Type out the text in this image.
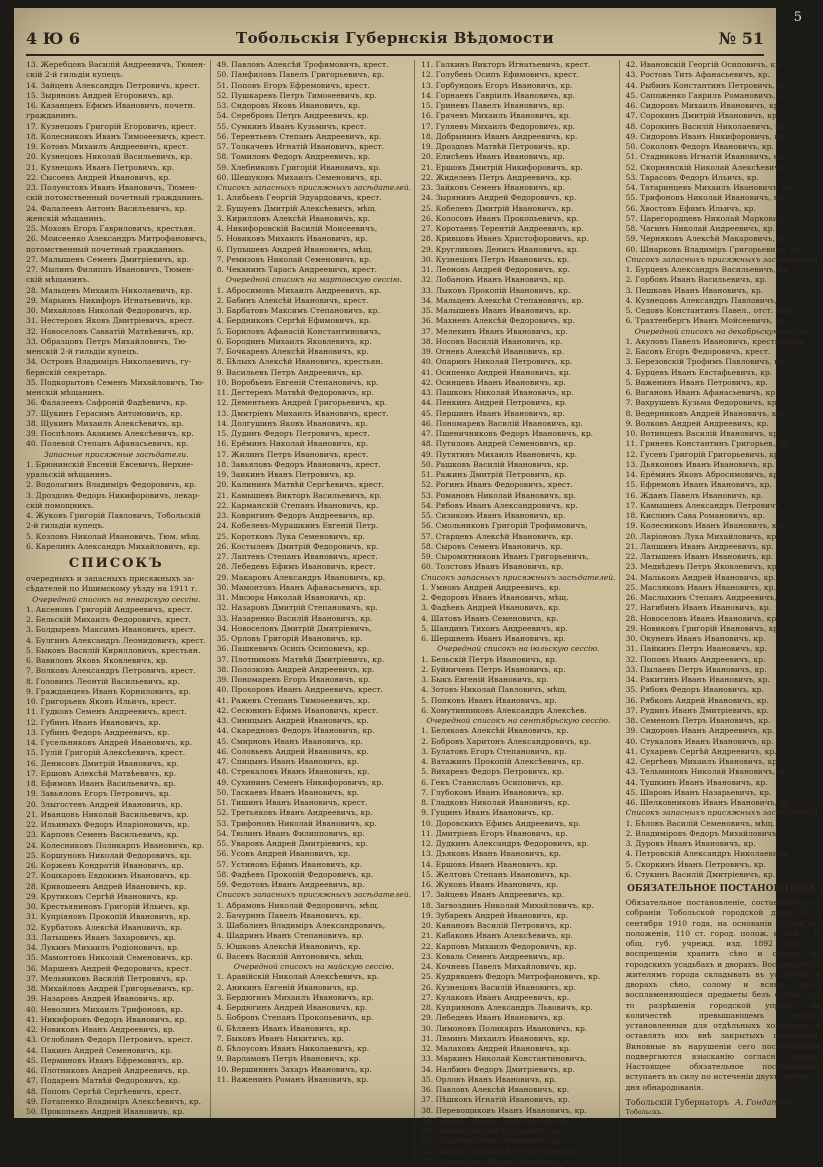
4 Ю 6	Тобольскія Губернскія Вѣдомости	№ 51
13. Жеребцовъ Василій Андреевичъ, Тюмен-
скій 2-й гильдіи купецъ.
14. Зайцевъ Александръ Петровичъ, крест.
15. Зыряновъ Андрей Егоровичъ, кр.
16. Казанцевъ Ефимъ Ивановичъ, почетн.
гражданинъ.
17. Кузнецовъ Григорій Егоровичъ, крест.
18. Колесниковъ Иванъ Тимоѳеевичъ, крест.
19. Котовъ Михаилъ Андреевичъ, крест.
20. Кузнецовъ Николай Васильевичъ, кр.
21. Кузнецовъ Иванъ Петровичъ, кр.
22. Сысоевъ Андрей Ивановичъ, кр.
23. Полуектовъ Иванъ Ивановичъ, Тюмен-
скій потомственный почетный гражданинъ.
24. Фалалеевъ Антонъ Васильевичъ, кр.
женскій мѣщанинъ.
25. Моховъ Егоръ Гавриловичъ, крестьян.
26. Моисеенко Александръ Митрофановичъ,
потомственный почетный гражданинъ.
27. Малышевъ Семенъ Дмитріевичъ, кр.
27. Мылинъ Филиппъ Ивановичъ, Тюмен-
скій мѣщанинъ.
28. Мальцевъ Михаилъ Николаевичъ, кр.
29. Марьинъ Никифоръ Игнатьевичъ, кр.
30. Михайловъ Николай Федоровичъ, кр.
31. Нестеровъ Яковъ Дмитріевичъ, крест.
32. Новоселовъ Савватій Матвѣевичъ, кр.
33. Образцовъ Петръ Михайловичъ, Тю-
менскій 2-й гильдіи купецъ.
34. Островъ Владиміръ Николаевичъ, гу-
бернскій секретарь.
35. Подкорытовъ Семенъ Михайловичъ, Тю-
менскій мѣщанинъ.
36. Фалалеевъ Сафроній Фадѣевичъ, кр.
37. Щукинъ Герасимъ Антоновичъ, кр.
38. Щукинъ Михаилъ Алексѣевичъ, кр.
39. Поспѣловъ Акакимъ Алексѣевичъ, кр.
40. Полевой Степанъ Афанасьевичъ, кр.
Запасные присяжные засѣдатели.
1. Брюнинскій Евсевій Евсевичъ, Верхне-
уральскій мѣщанинъ.
2. Водолагинъ Владиміръ Федоровичъ, кр.
3. Дроздовъ Федоръ Никифоровичъ, лекар-
скій помощникъ.
4. Жуковъ Григорій Павловичъ, Тобольскій
2-й гильдіи купецъ.
5. Козловъ Николай Ивановичъ, Тюм. мѣщ.
6. Карелинъ Александръ Михайловичъ, кр.
СПИСОКЪ
очередныхъ и запасныхъ присяжныхъ за-
сѣдателей по Ишимскому уѣзду на 1911 г.
Очередной списокъ на январскую сессію.
1. Аксеновъ Григорій Андреевичъ, крест.
2. Бельскій Михаилъ Федоровичъ, крест.
3. Болдыревъ Максимъ Ивановичъ, крест.
4. Булгинъ Александръ Леонидовичъ, крест.
5. Быковъ Василій Кирилловичъ, крестьян.
6. Вавиловъ Яковъ Яковлевичъ, кр.
7. Волковъ Александръ Петровичъ, крест.
8. Головинъ Леонтій Васильевичъ, кр.
9. Гражданцевъ Иванъ Корниловичъ, кр.
10. Григорьевъ Яковъ Ильичъ, крест.
11. Гудковъ Семенъ Андреевичъ, крест.
12. Губинъ Иванъ Ивановичъ, кр.
13. Губинъ Федоръ Андреевичъ, кр.
14. Гусельниковъ Андрей Ивановичъ, кр.
15. Гулій Григорій Алексѣевичъ, крест.
16. Денисовъ Дмитрій Ивановичъ, кр.
17. Ершовъ Алексѣй Матвѣевичъ, кр.
18. Ефимовъ Иванъ Васильевичъ, кр.
19. Завьяловъ Егоръ Петровичъ, кр.
20. Злыгостевъ Андрей Ивановичъ, кр.
21. Иванцовъ Николай Васильевичъ, кр.
22. Ильиныхъ Федоръ Иларіоновичъ, кр.
23. Карповъ Семенъ Васильевичъ, кр.
24. Колесниковъ Поликарпъ Ивановичъ, кр.
25. Коршуновъ Николай Федоровичъ, кр.
26. Коржевъ Кондратій Ивановичъ, кр.
27. Кошкаровъ Евдокимъ Ивановичъ, кр.
28. Кривошеевъ Андрей Ивановичъ, кр.
29. Крутиковъ Сергѣй Ивановичъ, кр.
30. Крестьяниновъ Григорій Ильичъ, кр.
31. Купріяновъ Прокопій Ивановичъ, кр.
32. Курбатовъ Алексѣй Ивановичъ, кр.
33. Латышевъ Иванъ Захаровичъ, кр.
34. Лукинъ Михаилъ Родіоновичъ, кр.
35. Мамонтовъ Николай Семеновичъ, кр.
36. Маршевъ Андрей Федоровичъ, крест.
37. Мельниковъ Василій Петровичъ, кр.
38. Михайловъ Андрей Григорьевичъ, кр.
39. Назаровъ Андрей Ивановичъ, кр.
40. Неволинъ Михаилъ Трифоновъ, кр.
41. Никифоровъ Федоръ Ивановичъ, кр.
42. Новиковъ Иванъ Андреевичъ, кр.
43. Оглоблинъ Федоръ Петровичъ, крест.
44. Пакинъ Андрей Семеновичъ, кр.
45. Перминовъ Иванъ Ефремовичъ, кр.
46. Плотниковъ Андрей Андреевичъ, кр.
47. Подаревъ Матвѣй Федоровичъ, кр.
48. Поповъ Сергѣй Сергѣевичъ, крест.
49. Потапенко Владиміръ Алексѣевичъ, кр.
50. Прокопьевъ Андрей Ивановичъ, кр.
49. Павловъ Алексѣй Трофимовичъ, крест.
50. Панфиловъ Павелъ Григорьевичъ, кр.
51. Поповъ Егоръ Ефремовичъ, крест.
52. Пушкаревъ Петръ Тимоѳеевичъ, кр.
53. Сидоровъ Яковъ Ивановичъ, кр.
54. Серебровъ Петръ Андреевичъ, кр.
55. Сумкинъ Иванъ Кузьмичъ, крест.
56. Терентьевъ Степанъ Андреевичъ, кр.
57. Толкачевъ Игнатій Ивановичъ, крест.
58. Томиловъ Федоръ Андреевичъ, кр.
59. Хлебниковъ Григорій Ивановичъ, кр.
60. Шешуковъ Михаилъ Семеновичъ, кр.
Списокъ запасныхъ присяжныхъ засѣдателей.
1. Алябьевъ Георгій Эдуардовичъ, крест.
2. Бушуевъ Дмитрій Алексѣевичъ, мѣщ.
3. Кирилловъ Алексѣй Ивановичъ, кр.
4. Никифоровскій Василій Моисеевичъ,
5. Новиковъ Михаилъ Ивановичъ, кр.
6. Пупышевъ Андрей Ивановичъ, мѣщ.
7. Ремизовъ Николай Семеновичъ, кр.
8. Чеканинъ Тарасъ Андреевичъ, крест.
Очередной списокъ на мартовскую сессію.
1. Абросимовъ Михаилъ Андреевичъ, кр.
2. Бабинъ Алексѣй Ивановичъ, крест.
3. Барбатовъ Максимъ Степановичъ, кр.
4. Бердниковъ Сергѣй Ефимовичъ, кр.
5. Бориловъ Афанасій Константиновичъ,
6. Бородинъ Михаилъ Яковлевичъ, кр.
7. Бочкаревъ Алексѣй Ивановичъ, кр.
8. Бѣлыхъ Алексѣй Ивановичъ, крестьян.
9. Васильевъ Петръ Андреевичъ, кр.
10. Воробьевъ Евгеній Степановичъ, кр.
11. Дегтеревъ Матвѣй Федоровичъ, кр.
12. Дементьевъ Андрей Григорьевичъ, кр.
13. Дмитріевъ Михаилъ Ивановичъ, крест.
14. Долгушинъ Яковъ Ивановичъ, кр.
15. Дудинъ Федоръ Петровичъ, крест.
16. Ерёминъ Николай Ивановичъ, кр.
17. Жилинъ Петръ Ивановичъ, крест.
18. Завьяловъ Федоръ Ивановичъ, крест.
19. Заикинъ Иванъ Петровичъ, кр.
20. Калининъ Матвѣй Сергѣевичъ, крест.
21. Камышевъ Викторъ Васильевичъ, кр.
22. Карманскій Степанъ Ивановичъ, кр.
23. Ковригинъ Федоръ Андреевичъ, кр.
24. Кобелевъ-Мурашкинъ Евгеній Петр.
25. Коротковъ Лука Семеновичъ, кр.
26. Костылевъ Дмитрій Федоровичъ, кр.
27. Лаптевъ Степанъ Ивановичъ, крест.
28. Лебедевъ Ефимъ Ивановичъ, крест.
29. Макаровъ Александръ Ивановичъ, кр.
30. Мамонтовъ Иванъ Афанасьевичъ, кр.
31. Мисюра Николай Ивановичъ, кр.
32. Назаровъ Дмитрій Степановичъ, кр.
33. Назаренко Василій Ивановичъ, кр.
34. Новоселовъ Дмитрій Дмитріевичъ,
35. Орловъ Григорій Ивановичъ, кр.
36. Пашкевичъ Осипъ Осиповичъ, кр.
37. Плотниковъ Матвѣй Дмитріевичъ, кр.
38. Полозковъ Андрей Андреевичъ, кр.
39. Пономаревъ Егоръ Ивановичъ, кр.
40. Прохоровъ Иванъ Андреевичъ, крест.
41. Ражевъ Степанъ Тимоѳеевичъ, кр.
42. Сесюнинъ Ефимъ Ивановичъ, крест.
43. Синицынъ Андрей Ивановичъ, кр.
44. Скаредновъ Федоръ Ивановичъ, кр.
45. Смирновъ Иванъ Ивановичъ, кр.
46. Соловьевъ Андрей Ивановичъ, кр.
47. Спицынъ Иванъ Ивановичъ, кр.
48. Стрекаловъ Иванъ Ивановичъ, кр.
49. Сухининъ Семенъ Никифоровичъ, кр.
50. Таскаевъ Иванъ Ивановичъ, кр.
51. Тишинъ Иванъ Ивановичъ, крест.
52. Третьяковъ Иванъ Андреевичъ, кр.
53. Трифоновъ Николай Ивановичъ, кр.
54. Тюлинъ Иванъ Филипповичъ, кр.
55. Уваровъ Андрей Дмитріевичъ, кр.
56. Усовъ Андрей Ивановичъ, кр.
57. Устиновъ Ефимъ Ивановичъ, кр.
58. Фадѣевъ Прокопій Федоровичъ, кр.
59. Федотовъ Иванъ Андреевичъ, кр.
Списокъ запасныхъ присяжныхъ засѣдателей.
1. Абрамовъ Николай Федоровичъ, мѣщ.
2. Бачуринъ Павелъ Ивановичъ, кр.
3. Шабалинъ Владиміръ Александровичъ,
4. Шадринъ Иванъ Степановичъ, кр.
5. Юшковъ Алексѣй Ивановичъ, кр.
6. Васевъ Василій Антоновичъ, мѣщ.
Очередной списокъ на майскую сессію.
1. Аравійскій Николай Алексѣевичъ, кр.
2. Аникинъ Евгеній Ивановичъ, кр.
3. Бердюгинъ Михаилъ Ивановичъ, кр.
4. Бердюгинъ Андрей Ивановичъ, кр.
5. Бобровъ Степанъ Прокопьевичъ, кр.
6. Бѣляевъ Иванъ Ивановичъ, кр.
7. Быковъ Иванъ Никитичъ, кр.
8. Бѣлоусовъ Иванъ Николаевичъ, кр.
9. Варламовъ Петръ Ивановичъ, кр.
10. Вершининъ Захаръ Ивановичъ, кр.
11. Важенинъ Романъ Ивановичъ, кр.
11. Галкинъ Викторъ Игнатьевичъ, крест.
12. Голубевъ Осипъ Ефимовичъ, крест.
13. Горбунцовъ Егоръ Ивановичъ, кр.
14. Горнаевъ Гавріилъ Ивановичъ, кр.
15. Гриневъ Павелъ Ивановичъ, кр.
16. Грачевъ Михаилъ Ивановичъ, кр.
17. Гуляевъ Михаилъ Федоровичъ, кр.
18. Добрынинъ Иванъ Андреевичъ, кр.
19. Дроздовъ Матвѣй Петровичъ, кр.
20. Елисѣевъ Иванъ Ивановичъ, кр.
21. Ершовъ Дмитрій Никифоровичъ, кр.
22. Жиделевъ Петръ Андреевичъ, кр.
23. Зайковъ Семенъ Ивановичъ, кр.
24. Зырянинъ Андрей Федоровичъ, кр.
25. Кобелевъ Дмитрій Ивановичъ, кр.
26. Колосовъ Иванъ Прокопьевичъ, кр.
27. Коротаевъ Терентій Андреевичъ, кр.
28. Кривцовъ Иванъ Христофоровичъ, кр.
29. Кругликовъ Денисъ Ивановичъ, кр.
30. Кузнецовъ Петръ Ивановичъ, кр.
31. Леоновъ Андрей Федоровичъ, кр.
32. Лобановъ Иванъ Ивановичъ, кр.
33. Лыковъ Прокопій Ивановичъ, кр.
34. Мальцевъ Алексѣй Степановичъ, кр.
35. Малышевъ Иванъ Ивановичъ, кр.
36. Махневъ Алексѣй Федоровичъ, кр.
37. Мелехинъ Иванъ Ивановичъ, кр.
38. Носовъ Василій Ивановичъ, кр.
39. Огневъ Алексѣй Ивановичъ, кр.
40. Опаринъ Николай Петровичъ, кр.
41. Осипенко Андрей Ивановичъ, кр.
42. Осинцевъ Иванъ Ивановичъ, кр.
43. Пашковъ Николай Ивановичъ, кр.
44. Пенкинъ Андрей Петровичъ, кр.
45. Першинъ Иванъ Ивановичъ, кр.
46. Пономаревъ Василій Ивановичъ, кр.
47. Пшеничниковъ Федоръ Ивановичъ, кр.
48. Путиловъ Андрей Семеновичъ, кр.
49. Путятинъ Михаилъ Ивановичъ, кр.
50. Рашковъ Василій Ивановичъ, кр.
51. Ражинъ Дмитрій Петровичъ, кр.
52. Рогинъ Иванъ Федоровичъ, крест.
53. Романовъ Николай Ивановичъ, кр.
54. Рябовъ Иванъ Александровичъ, кр.
55. Сизиковъ Иванъ Ивановичъ, кр.
56. Смольниковъ Григорій Трофимовичъ,
57. Старцевъ Алексѣй Ивановичъ, кр.
58. Сыровъ Семенъ Ивановичъ, кр.
59. Сыромятниковъ Иванъ Григорьевичъ,
60. Толстовъ Иванъ Ивановичъ, кр.
Списокъ запасныхъ присяжныхъ засѣдателей.
1. Умновъ Андрей Андреевичъ, кр.
2. Федоровъ Иванъ Ивановичъ, мѣщ.
3. Фадѣевъ Андрей Ивановичъ, кр.
4. Шатовъ Иванъ Семеновичъ, кр.
5. Шандинъ Тихонъ Андреевичъ, кр.
6. Шершневъ Иванъ Ивановичъ, кр.
Очередной списокъ на іюльскую сессію.
1. Бельскій Петръ Ивановичъ, кр.
2. Буйничевъ Петръ Ивановичъ, кр.
3. Быкъ Евгеній Ивановичъ, кр.
4. Зотовъ Николай Павловичъ, мѣщ.
5. Попковъ Иванъ Ивановичъ, кр.
6. Хомутинниковъ Александръ Алексѣев.
Очередной списокъ на сентябрьскую сессію.
1. Беляковъ Алексѣй Ивановичъ, кр.
2. Бобровъ Харитонъ Александровичъ, кр.
3. Булатовъ Егоръ Степановичъ, кр.
4. Ватажинъ Прокопій Алексѣевичъ, кр.
5. Вихаревъ Федоръ Петровичъ, кр.
6. Гекъ Станиславъ Осиповичъ, кр.
7. Глубоковъ Иванъ Ивановичъ, кр.
8. Гладковъ Николай Ивановичъ, кр.
9. Гущинъ Иванъ Ивановичъ, кр.
10. Доровскихъ Ефимъ Андреевичъ, кр.
11. Дмитріевъ Егоръ Ивановичъ, кр.
12. Дудкинъ Александръ Федоровичъ, кр.
13. Дъяковъ Иванъ Ивановичъ, кр.
14. Ершовъ Иванъ Ивановичъ, кр.
15. Желтовъ Степанъ Ивановичъ, кр.
16. Жуковъ Иванъ Ивановичъ, кр.
17. Зайцевъ Иванъ Андреевичъ, кр.
18. Загвоздинъ Николай Михайловичъ, кр.
19. Зубаревъ Андрей Ивановичъ, кр.
20. Канановъ Василій Петровичъ, кр.
21. Кабаковъ Иванъ Алексѣевичъ, кр.
22. Карповъ Михаилъ Федоровичъ, кр.
23. Коваль Семенъ Андреевичъ, кр.
24. Кочневъ Павелъ Михайловичъ, кр.
25. Кудрявцевъ Федоръ Митрофановичъ, кр.
26. Кузнецовъ Василій Ивановичъ, кр.
27. Кулаковъ Иванъ Андреевичъ, кр.
28. Куприяновъ Александръ Львовичъ, кр.
29. Лебедевъ Иванъ Ивановичъ, кр.
30. Лимоновъ Поликарпъ Ивановичъ, кр.
31. Ляминъ Михаилъ Ивановичъ, кр.
32. Малаховъ Андрей Ивановичъ, кр.
33. Маркинъ Николай Константиновичъ,
34. Налбинъ Федоръ Дмитріевичъ, кр.
35. Орловъ Иванъ Ивановичъ, кр.
36. Павловъ Алексѣй Ивановичъ, кр.
37. Пѣшковъ Игнатій Ивановичъ, кр.
38. Перевощиковъ Иванъ Ивановичъ, кр.
39. Поповъ Тихонъ Гавриловичъ, кр.
40. Поповъ Василій Петровичъ, кр.
41. Поздѣевъ Иванъ Ивановичъ, кр.
42. Поповъ Григорій Константиновичъ,
43. Пономаревъ Иванъ Ивановичъ, кр.
42. Ивановскій Георгій Осиповичъ, кр.
43. Ростовъ Тить Афанасьевичъ, кр.
44. Рыбинъ Константинъ Петровичъ, кр.
45. Сапоженко Гаврилъ Романовичъ, кр.
46. Сидоровъ Михаилъ Ивановичъ, кр.
47. Сорокинъ Дмитрій Ивановичъ, кр.
48. Сорокинъ Василій Николаевичъ, кр.
49. Сидоровъ Иванъ Никифоровичъ, кр.
50. Соколовъ Федоръ Ивановичъ, кр.
51. Стадниковъ Игнатій Ивановичъ, кр.
52. Скорнянскій Николай Алексѣевичъ,
53. Тарасовъ Федоръ Ильичъ, кр.
54. Татаринцевъ Михаилъ Ивановичъ, кр.
55. Трифоновъ Николай Ивановичъ, кр.
56. Хвостовъ Ефимъ Ильичъ, кр.
57. Царегородцевъ Николай Маркович.,
58. Чагинъ Николай Андреевичъ, кр.
59. Черняковъ Алексѣй Макаровичъ, кр.
60. Шнарковъ Владиміръ Григорьевичъ, кр.
Списокъ запасныхъ присяжныхъ засѣдателей.
1. Бурцевъ Александръ Васильевичъ, кр.
2. Горбовъ Иванъ Васильевичъ, кр.
3. Пешковъ Иванъ Ивановичъ, кр.
4. Кузнецовъ Александръ Павловичъ,
5. Седовъ Константинъ Павел., отст. подп.
6. Трахтенбергъ Иванъ Мойсеевичъ, кр.
Очередной списокъ на декабрьскую сессію.
1. Акуловъ Павелъ Ивановичъ, крестьянинъ.
2. Басовъ Егоръ Федоровичъ, крест.
3. Березовскій Трофимъ Павловичъ, кр.
4. Бурцевъ Иванъ Евстафьевичъ, кр.
5. Важенинъ Иванъ Петровичъ, кр.
6. Вагановъ Иванъ Афанасьевичъ, кр.
7. Вахрушевъ Кузьма Федоровичъ, кр.
8. Ведерниковъ Андрей Ивановичъ, кр.
9. Волковъ Андрей Андреевичъ, кр.
10. Вотинцевъ Василій Ивановичъ, кр.
11. Гриневъ Константинъ Григорьев., кр.
12. Гусевъ Григорій Григорьевичъ, кр.
13. Дьяконовъ Иванъ Ивановичъ, кр.
14. Ерёминъ Яковъ Абросимовичъ, кр.
15. Ефремовъ Иванъ Ивановичъ, кр.
16. Жданъ Павелъ Ивановичъ, кр.
17. Камышевъ Александръ Петровичъ,
18. Кислинъ Сава Романовичъ, кр.
19. Колесниковъ Иванъ Ивановичъ, кр.
20. Ларіоновъ Лука Михайловичъ, кр.
21. Лапшинъ Иванъ Андреевичъ, кр.
22. Латышевъ Иванъ Ивановичъ, кр.
23. Медвѣдевъ Петръ Яковлевичъ, кр.
24. Мальковъ Андрей Ивановичъ, кр.
25. Масляковъ Иванъ Ивановичъ, кр.
26. Маслыхинъ Степанъ Андреевичъ,
27. Нагибинъ Иванъ Ивановичъ, кр.
28. Новоселовъ Иванъ Ивановичъ, кр.
29. Новиковъ Григорій Ивановичъ, кр.
30. Окуневъ Иванъ Ивановичъ, кр.
31. Пайкинъ Петръ Ивановичъ, кр.
32. Поповъ Иванъ Андреевичъ, кр.
33. Пылаевъ Петръ Ивановичъ, кр.
34. Ракитинъ Иванъ Ивановичъ, кр.
35. Рябовъ Федоръ Ивановичъ, кр.
36. Рябковъ Андрей Ивановичъ, кр.
37. Рудинъ Иванъ Дмитріевичъ, кр.
38. Семеновъ Петръ Ивановичъ, кр.
39. Сидоровъ Иванъ Андреевичъ, кр.
40. Стукаловъ Иванъ Ивановичъ, кр.
41. Сухаревъ Сергѣй Андреевичъ, кр.
42. Сергѣевъ Михаилъ Ивановичъ, кр.
43. Тельминовъ Николай Ивановичъ, кр.
44. Тушкинъ Иванъ Ивановичъ, кр.
45. Шаровъ Иванъ Назарьевичъ, кр.
46. Шелковниковъ Иванъ Ивановичъ, кр.
Списокъ запасныхъ присяжныхъ засѣдателей.
1. Бѣловъ Василій Семеновичъ, мѣщ.
2. Владиміровъ Федоръ Михайловичъ,
3. Дуровъ Иванъ Ивановичъ, кр.
4. Петровскій Александръ Николаевичъ,
5. Скоркинъ Иванъ Петровичъ, кр.
6. Стукинъ Василій Дмитріевичъ, кр.
ОБЯЗАТЕЛЬНОЕ ПОСТАНОВЛЕНІЕ.
Обязательное постановленіе, составленное въ собраніи Тобольской городской думы 25-го сентября 1910 года, на основаніи 108-ой ст. положенія, 110 ст. город. полож. и 424 т. II общ. губ. учрежд. изд. 1892 года, о воспрещеніи хранить сѣно и солому въ городскихъ усадьбахъ и дворахъ. Воспрещается жителямъ города складывать въ усадьбахъ и дворахъ сѣно, солому и всякіе легко воспламеняющіеся предметы безъ особаго на то разрѣшенія городской управы, въ количествѣ превышающемъ нормы, установленныя для отдѣльныхъ хозяйствъ, и оставлять ихъ внѣ закрытыхъ помѣщеній. Виновные въ нарушеніи сего постановленія подвергаются взысканію согласно закона. Настоящее обязательное постановленіе вступаетъ въ силу по истеченіи двухъ недѣль со дня обнародованія.
Тобольскій Губернаторъ А. Гондатти.
Тобольскъ.
5
